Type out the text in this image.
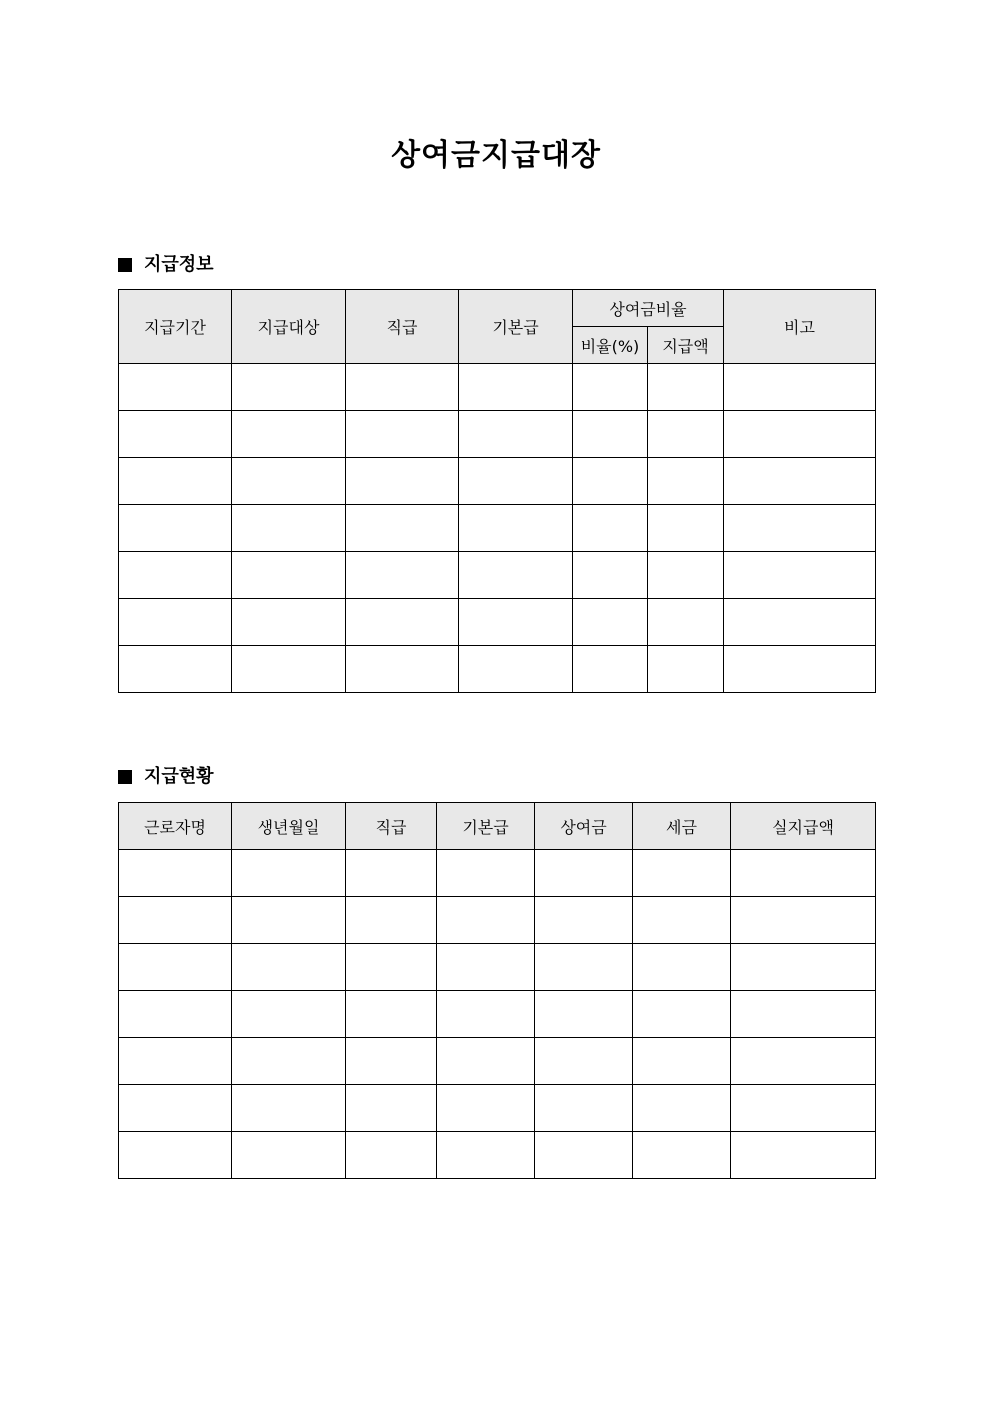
상여금지급대장
지급정보
지급기간	지급대상	직급	기본급	상여금비율		비고
				비율(%)	지급액	

지급현황
근로자명	생년월일	직급	기본급	상여금	세금	실지급액
